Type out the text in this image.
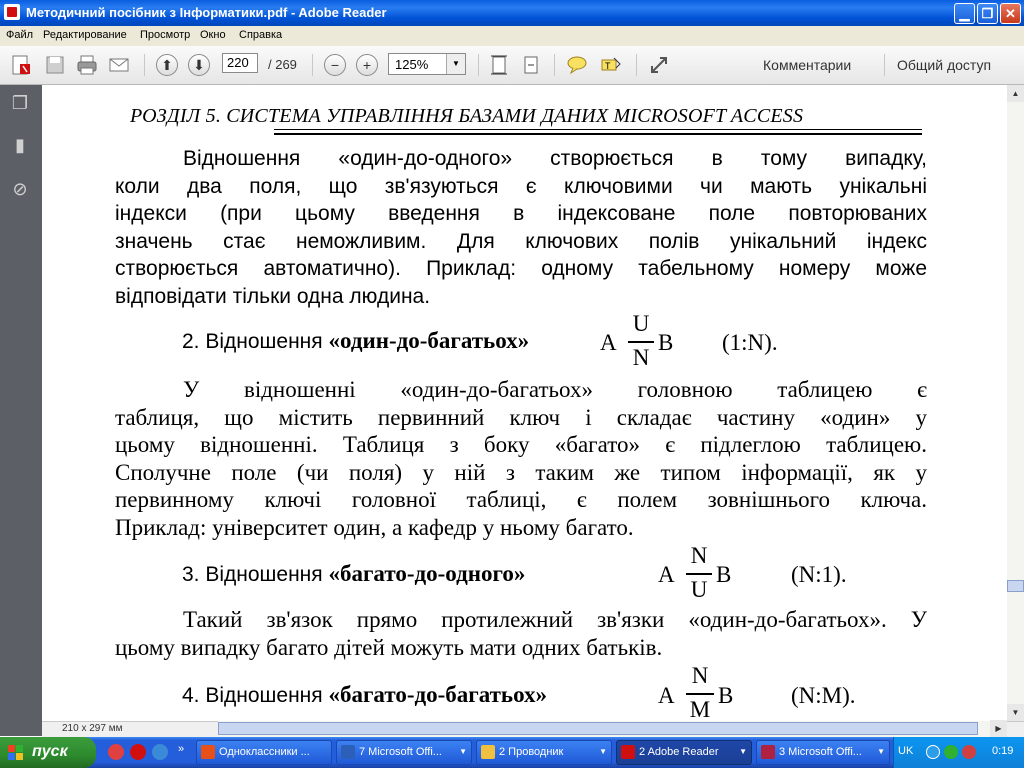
Методичний посібник з Інформатики.pdf - Adobe Reader	▁ ❐ ✕
Файл Редактирование Просмотр Окно Справка
⬆	⬇	220	/ 269	−	+	125%	▼	T	Комментарии	Общий доступ
❐
▮
⊘
РОЗДІЛ 5. СИСТЕМА УПРАВЛІННЯ БАЗАМИ ДАНИХ MICROSOFT ACCESS
Відношення «один-до-одного» створюється в тому випадку,
коли два поля, що зв'язуються є ключовими чи мають унікальні
індекси (при цьому введення в індексоване поле повторюваних
значень стає неможливим. Для ключових полів унікальний індекс
створюється автоматично). Приклад: одному табельному номеру може
відповідати тільки одна людина.
2. Відношення «один-до-багатьох»	A
U
N
B (1:N).
У відношенні «один-до-багатьох» головною таблицею є
таблиця, що містить первинний ключ і складає частину «один» у
цьому відношенні. Таблиця з боку «багато» є підлеглою таблицею.
Сполучне поле (чи поля) у ній з таким же типом інформації, як у
первинному ключі головної таблиці, є полем зовнішнього ключа.
Приклад: університет один, а кафедр у ньому багато.
3. Відношення «багато-до-одного»	A
N
U
B	(N:1).
Такий зв'язок прямо протилежний зв'язки «один-до-багатьох». У
цьому випадку багато дітей можуть мати одних батьків.
4. Відношення «багато-до-багатьох»	A
N
M
B	(N:M).
▲
▼
210 x 297 мм	▶
пуск	»	Одноклассники ...	7 Microsoft Offi... ▼	2 Проводник	▼	2 Adobe Reader	▼	3 Microsoft Offi... ▼ UK	0:19
